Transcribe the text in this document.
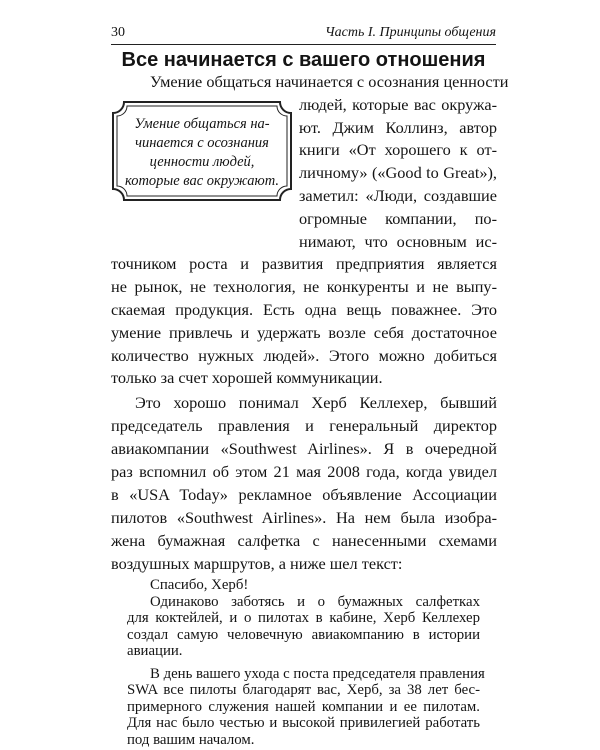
30	Часть I. Принципы общения
Все начинается с вашего отношения
Умение общаться на-
чинается с осознания
ценности людей,
которые вас окружают.
Умение общаться начинается с осознания ценности
людей, которые вас окружа-
ют. Джим Коллинз, автор
книги «От хорошего к от-
личному» («Good to Great»),
заметил: «Люди, создавшие
огромные компании, по-
нимают, что основным ис-
точником роста и развития предприятия является
не рынок, не технология, не конкуренты и не выпу-
скаемая продукция. Есть одна вещь поважнее. Это
умение привлечь и удержать возле себя достаточное
количество нужных людей». Этого можно добиться
только за счет хорошей коммуникации.
Это хорошо понимал Херб Келлехер, бывший
председатель правления и генеральный директор
авиакомпании «Southwest Airlines». Я в очередной
раз вспомнил об этом 21 мая 2008 года, когда увидел
в «USA Today» рекламное объявление Ассоциации
пилотов «Southwest Airlines». На нем была изобра-
жена бумажная салфетка с нанесенными схемами
воздушных маршрутов, а ниже шел текст:
Спасибо, Херб!
Одинаково заботясь и о бумажных салфетках
для коктейлей, и о пилотах в кабине, Херб Келлехер
создал самую человечную авиакомпанию в истории
авиации.
В день вашего ухода с поста председателя правления
SWA все пилоты благодарят вас, Херб, за 38 лет бес-
примерного служения нашей компании и ее пилотам.
Для нас было честью и высокой привилегией работать
под вашим началом.
